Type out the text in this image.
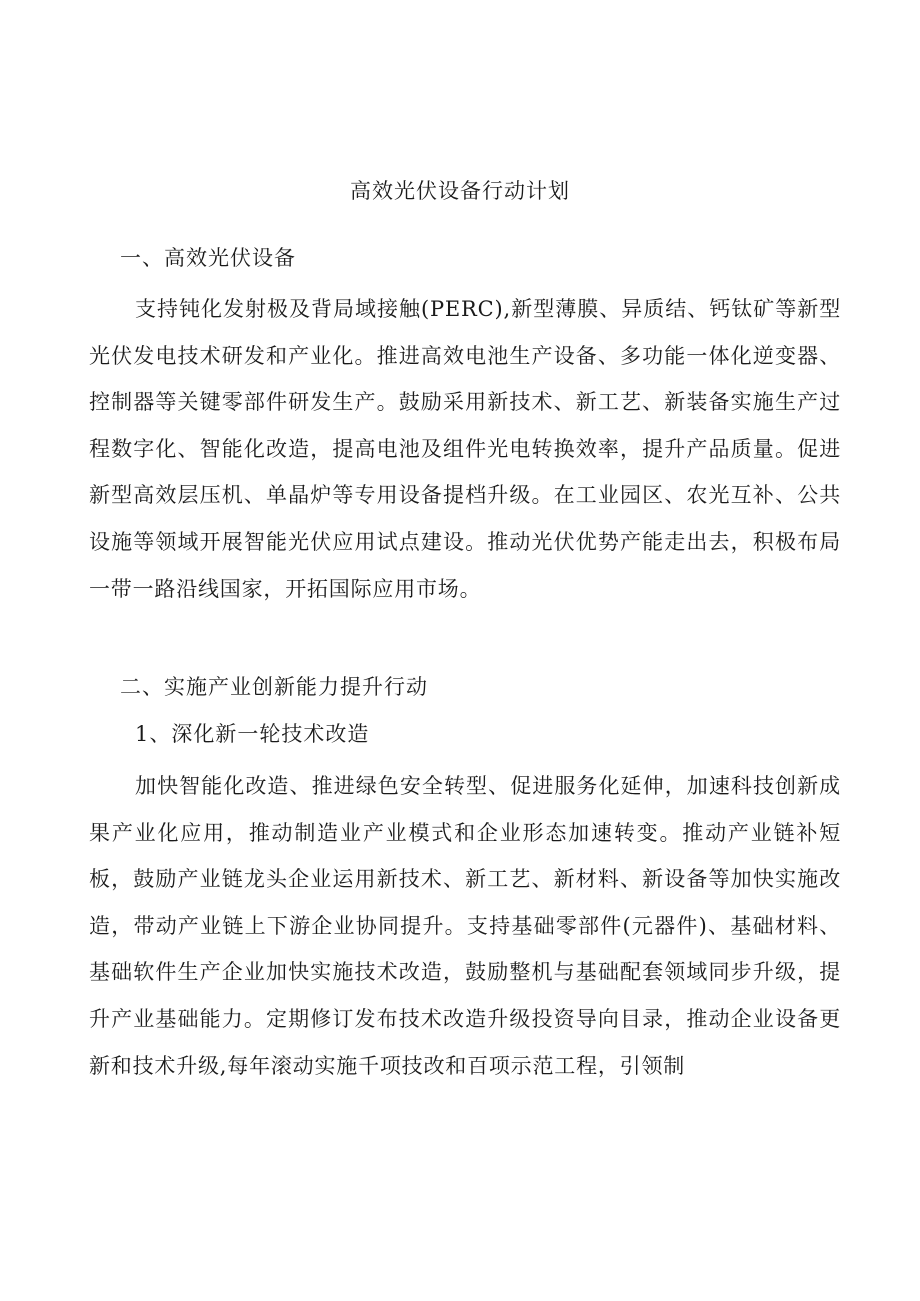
高效光伏设备行动计划
一、高效光伏设备

支持钝化发射极及背局域接触(PERC),新型薄膜、异质结、钙钛矿等新型光伏发电技术研发和产业化。推进高效电池生产设备、多功能一体化逆变器、控制器等关键零部件研发生产。鼓励采用新技术、新工艺、新装备实施生产过程数字化、智能化改造，提高电池及组件光电转换效率，提升产品质量。促进新型高效层压机、单晶炉等专用设备提档升级。在工业园区、农光互补、公共设施等领域开展智能光伏应用试点建设。推动光伏优势产能走出去，积极布局一带一路沿线国家，开拓国际应用市场。

二、实施产业创新能力提升行动
1、深化新一轮技术改造

加快智能化改造、推进绿色安全转型、促进服务化延伸，加速科技创新成果产业化应用，推动制造业产业模式和企业形态加速转变。推动产业链补短板，鼓励产业链龙头企业运用新技术、新工艺、新材料、新设备等加快实施改造，带动产业链上下游企业协同提升。支持基础零部件(元器件)、基础材料、基础软件生产企业加快实施技术改造，鼓励整机与基础配套领域同步升级，提升产业基础能力。定期修订发布技术改造升级投资导向目录，推动企业设备更新和技术升级,每年滚动实施千项技改和百项示范工程，引领制
